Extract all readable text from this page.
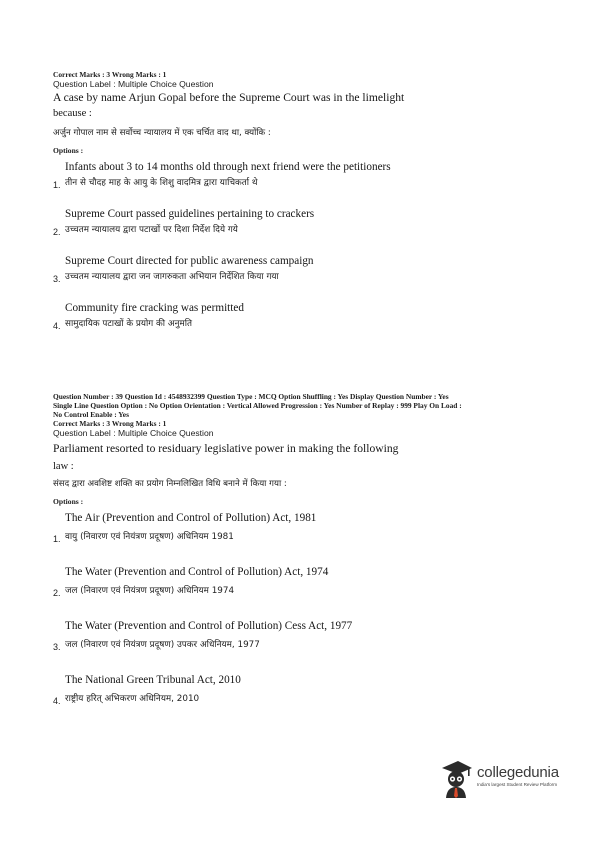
Correct Marks : 3 Wrong Marks : 1
Question Label : Multiple Choice Question
A case by name Arjun Gopal before the Supreme Court was in the limelight
because :
अर्जुन गोपाल नाम से सर्वोच्च न्यायालय में एक चर्चित वाद था, क्योंकि :
Options :
Infants about 3 to 14 months old through next friend were the petitioners
तीन से चौदह माह के आयु के शिशु वादमित्र द्वारा याचिकर्ता थे
1.
Supreme Court passed guidelines pertaining to crackers
उच्चतम न्यायालय द्वारा पटाखों पर दिशा निर्देश दिये गये
2.
Supreme Court directed for public awareness campaign
उच्चतम न्यायालय द्वारा जन जागरुकता अभियान निर्देशित किया गया
3.
Community fire cracking was permitted
सामुदायिक पटाखों के प्रयोग की अनुमति
4.
Question Number : 39 Question Id : 4548932399 Question Type : MCQ Option Shuffling : Yes Display Question Number : Yes
Single Line Question Option : No Option Orientation : Vertical Allowed Progression : Yes Number of Replay : 999 Play On Load :
No Control Enable : Yes
Correct Marks : 3 Wrong Marks : 1
Question Label : Multiple Choice Question
Parliament resorted to residuary legislative power in making the following
law :
संसद द्वारा अवशिष्ट शक्ति का प्रयोग निम्नलिखित विधि बनाने में किया गया :
Options :
The Air (Prevention and Control of Pollution) Act, 1981
वायु (निवारण एवं नियंत्रण प्रदूषण) अधिनियम 1981
1.
The Water (Prevention and Control of Pollution) Act, 1974
जल (निवारण एवं नियंत्रण प्रदूषण) अधिनियम 1974
2.
The Water (Prevention and Control of Pollution) Cess Act, 1977
जल (निवारण एवं नियंत्रण प्रदूषण) उपकर अधिनियम, 1977
3.
The National Green Tribunal Act, 2010
राष्ट्रीय हरित् अभिकरण अधिनियम, 2010
4.
collegedunia
India's largest Student Review Platform
